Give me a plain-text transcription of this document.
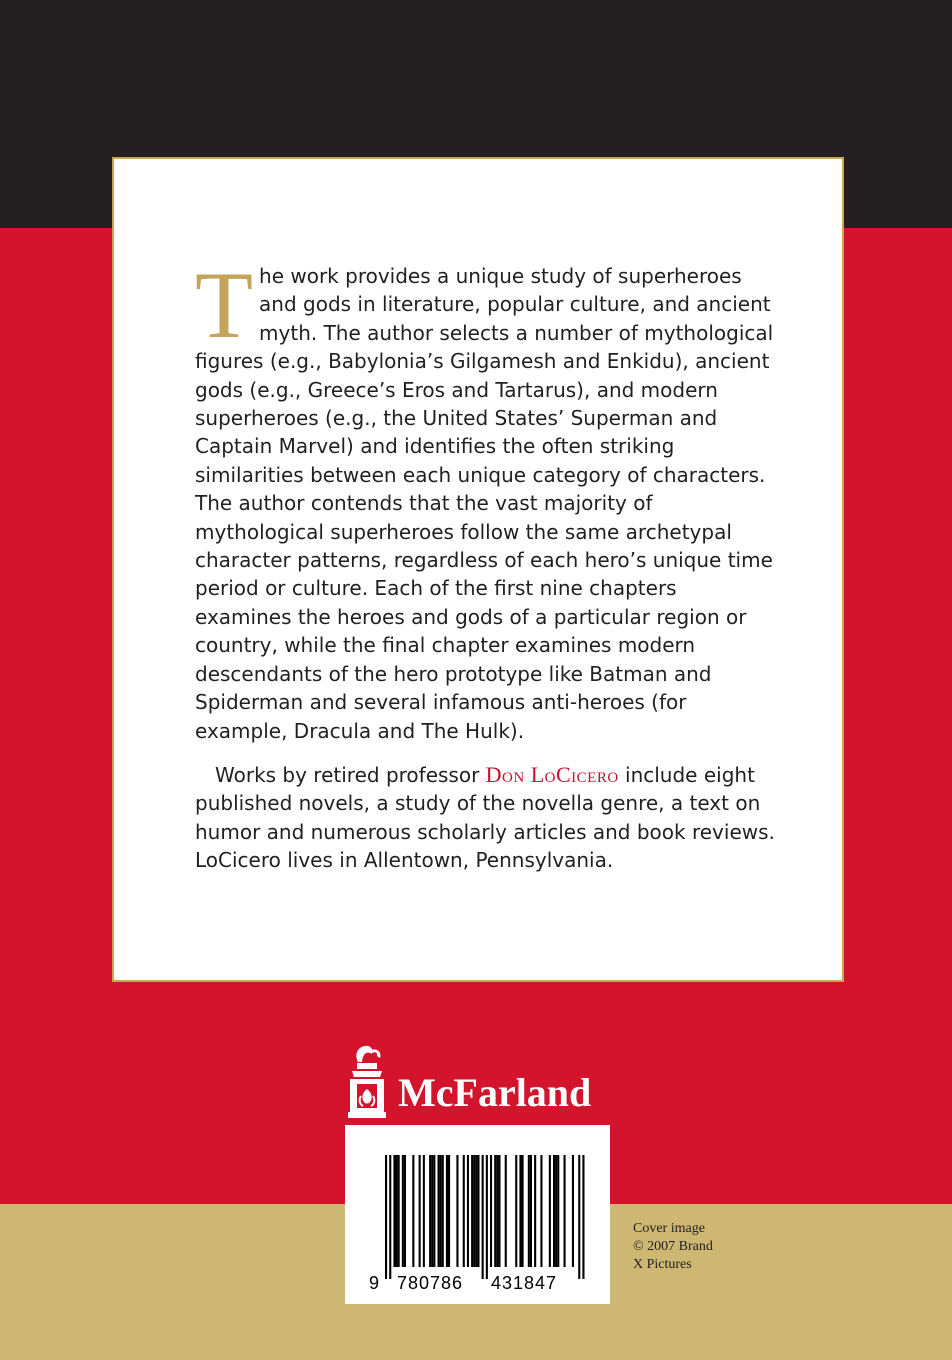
The work provides a unique study of superheroes and gods in literature, popular culture, and ancient myth. The author selects a number of mythological figures (e.g., Babylonia’s Gilgamesh and Enkidu), ancient gods (e.g., Greece’s Eros and Tartarus), and modern superheroes (e.g., the United States’ Superman and Captain Marvel) and identifies the often striking similarities between each unique category of characters. The author contends that the vast majority of mythological superheroes follow the same archetypal character patterns, regardless of each hero’s unique time period or culture. Each of the first nine chapters examines the heroes and gods of a particular region or country, while the final chapter examines modern descendants of the hero prototype like Batman and Spiderman and several infamous anti-heroes (for example, Dracula and The Hulk).

Works by retired professor Don LoCicero include eight published novels, a study of the novella genre, a text on humor and numerous scholarly articles and book reviews. LoCicero lives in Allentown, Pennsylvania.

McFarland
9 780786 431847
Cover image
© 2007 Brand
X Pictures
